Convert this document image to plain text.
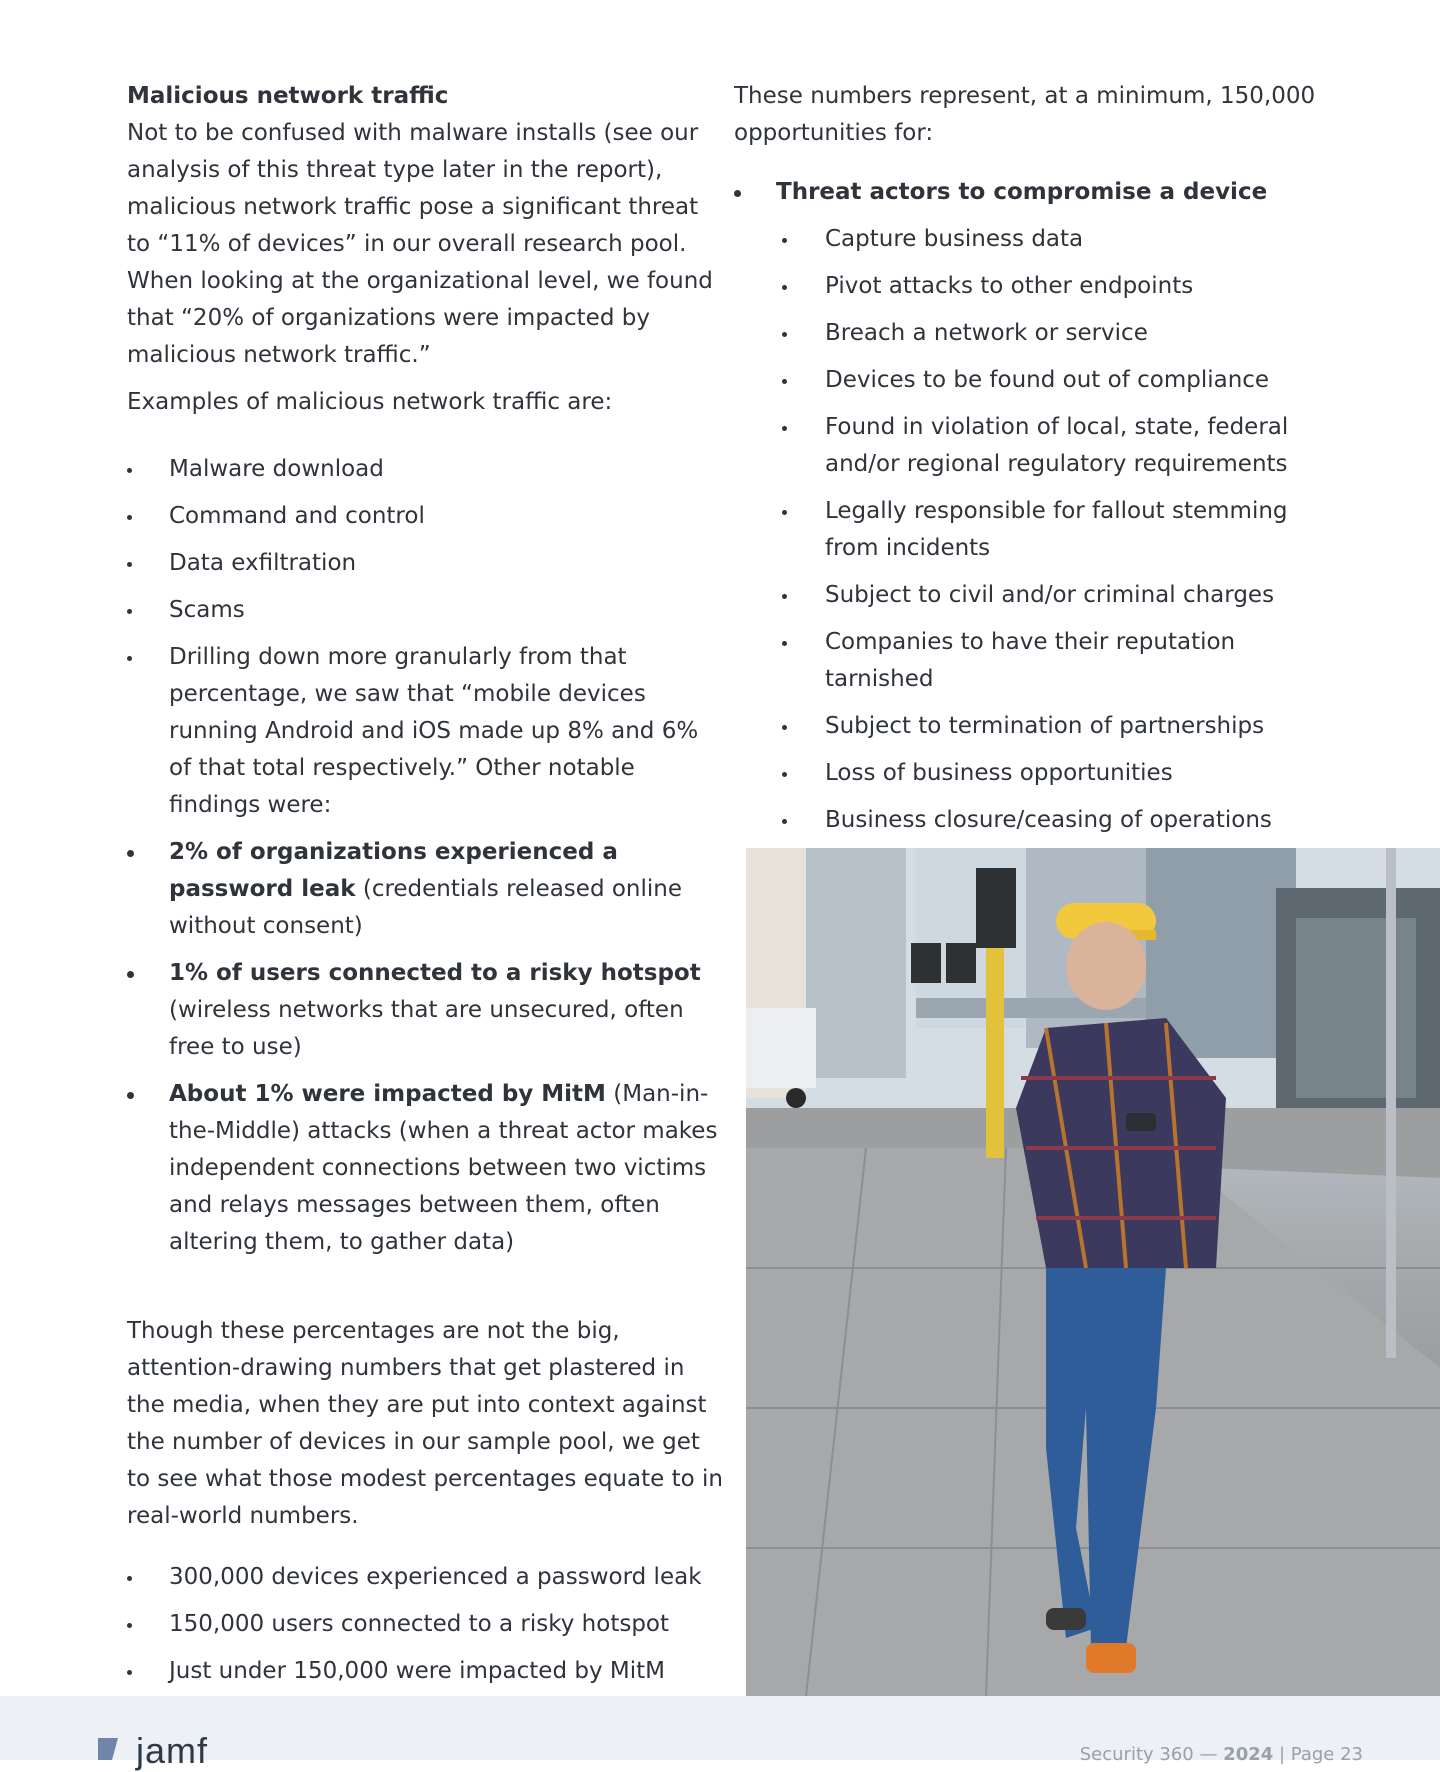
Malicious network traffic

Not to be confused with malware installs (see our analysis of this threat type later in the report), malicious network traffic pose a significant threat to “11% of devices” in our overall research pool. When looking at the organizational level, we found that “20% of organizations were impacted by malicious network traffic.”

Examples of malicious network traffic are:

Malware download
Command and control
Data exfiltration
Scams
Drilling down more granularly from that percentage, we saw that “mobile devices running Android and iOS made up 8% and 6% of that total respectively.” Other notable findings were:
2% of organizations experienced a password leak (credentials released online without consent)
1% of users connected to a risky hotspot (wireless networks that are unsecured, often free to use)
About 1% were impacted by MitM (Man-in-the-Middle) attacks (when a threat actor makes independent connections between two victims and relays messages between them, often altering them, to gather data)

Though these percentages are not the big, attention-drawing numbers that get plastered in the media, when they are put into context against the number of devices in our sample pool, we get to see what those modest percentages equate to in real-world numbers.

300,000 devices experienced a password leak
150,000 users connected to a risky hotspot
Just under 150,000 were impacted by MitM

These numbers represent, at a minimum, 150,000 opportunities for:

Threat actors to compromise a device
Capture business data
Pivot attacks to other endpoints
Breach a network or service
Devices to be found out of compliance
Found in violation of local, state, federal and/or regional regulatory requirements
Legally responsible for fallout stemming from incidents
Subject to civil and/or criminal charges
Companies to have their reputation tarnished
Subject to termination of partnerships
Loss of business opportunities
Business closure/ceasing of operations
jamf	Security 360 — 2024 | Page 23
